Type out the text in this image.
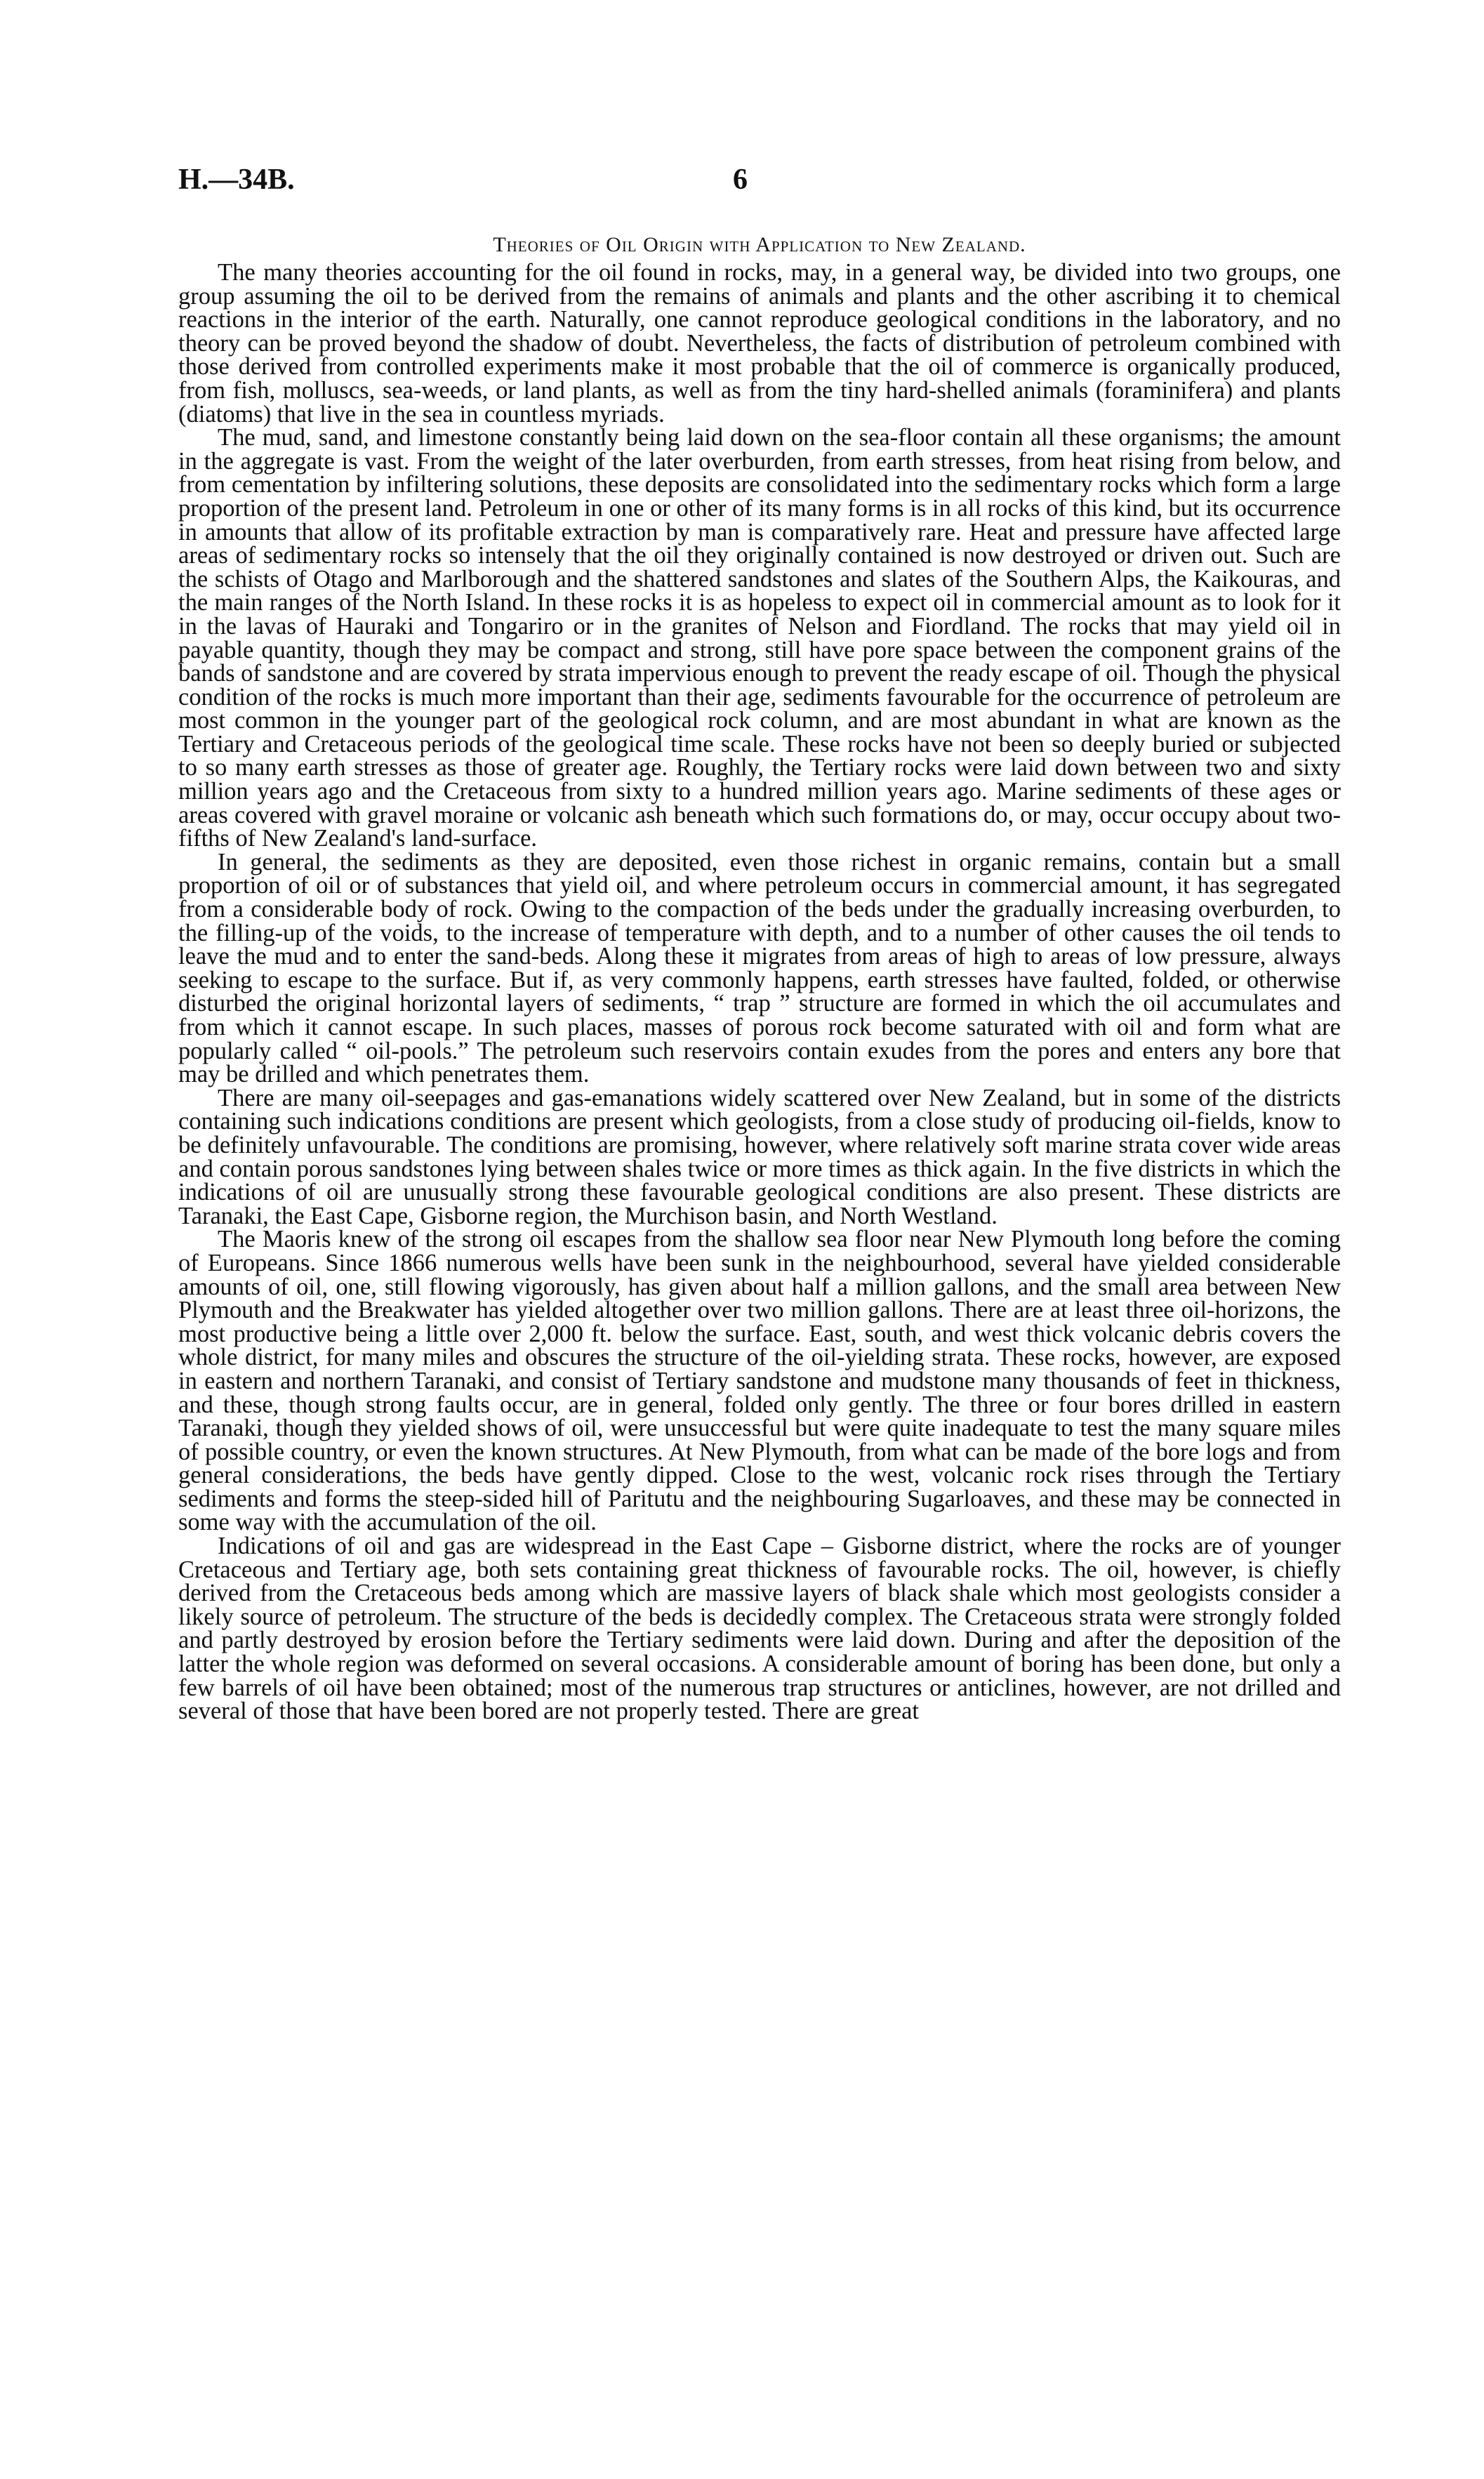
H.—34B.	6
Theories of Oil Origin with Application to New Zealand.

The many theories accounting for the oil found in rocks, may, in a general way, be divided into two groups, one group assuming the oil to be derived from the remains of animals and plants and the other ascribing it to chemical reactions in the interior of the earth. Naturally, one cannot reproduce geological conditions in the laboratory, and no theory can be proved beyond the shadow of doubt. Nevertheless, the facts of distribution of petroleum combined with those derived from controlled experiments make it most probable that the oil of commerce is organically produced, from fish, molluscs, sea-weeds, or land plants, as well as from the tiny hard-shelled animals (foraminifera) and plants (diatoms) that live in the sea in countless myriads.

The mud, sand, and limestone constantly being laid down on the sea-floor contain all these organisms; the amount in the aggregate is vast. From the weight of the later overburden, from earth stresses, from heat rising from below, and from cementation by infiltering solutions, these deposits are consolidated into the sedimentary rocks which form a large proportion of the present land. Petroleum in one or other of its many forms is in all rocks of this kind, but its occurrence in amounts that allow of its profitable extraction by man is comparatively rare. Heat and pressure have affected large areas of sedimentary rocks so intensely that the oil they originally contained is now destroyed or driven out. Such are the schists of Otago and Marlborough and the shattered sandstones and slates of the Southern Alps, the Kaikouras, and the main ranges of the North Island. In these rocks it is as hopeless to expect oil in commercial amount as to look for it in the lavas of Hauraki and Tongariro or in the granites of Nelson and Fiordland. The rocks that may yield oil in payable quantity, though they may be compact and strong, still have pore space between the component grains of the bands of sandstone and are covered by strata impervious enough to prevent the ready escape of oil. Though the physical condition of the rocks is much more important than their age, sediments favourable for the occurrence of petroleum are most common in the younger part of the geological rock column, and are most abundant in what are known as the Tertiary and Cretaceous periods of the geological time scale. These rocks have not been so deeply buried or subjected to so many earth stresses as those of greater age. Roughly, the Tertiary rocks were laid down between two and sixty million years ago and the Cretaceous from sixty to a hundred million years ago. Marine sediments of these ages or areas covered with gravel moraine or volcanic ash beneath which such formations do, or may, occur occupy about two-fifths of New Zealand's land-surface.

In general, the sediments as they are deposited, even those richest in organic remains, contain but a small proportion of oil or of substances that yield oil, and where petroleum occurs in commercial amount, it has segregated from a considerable body of rock. Owing to the compaction of the beds under the gradually increasing overburden, to the filling-up of the voids, to the increase of temperature with depth, and to a number of other causes the oil tends to leave the mud and to enter the sand-beds. Along these it migrates from areas of high to areas of low pressure, always seeking to escape to the surface. But if, as very commonly happens, earth stresses have faulted, folded, or otherwise disturbed the original horizontal layers of sediments, “ trap ” structure are formed in which the oil accumulates and from which it cannot escape. In such places, masses of porous rock become saturated with oil and form what are popularly called “ oil-pools.” The petroleum such reservoirs contain exudes from the pores and enters any bore that may be drilled and which penetrates them.

There are many oil-seepages and gas-emanations widely scattered over New Zealand, but in some of the districts containing such indications conditions are present which geologists, from a close study of producing oil-fields, know to be definitely unfavourable. The conditions are promising, however, where relatively soft marine strata cover wide areas and contain porous sandstones lying between shales twice or more times as thick again. In the five districts in which the indications of oil are unusually strong these favourable geological conditions are also present. These districts are Taranaki, the East Cape, Gisborne region, the Murchison basin, and North Westland.

The Maoris knew of the strong oil escapes from the shallow sea floor near New Plymouth long before the coming of Europeans. Since 1866 numerous wells have been sunk in the neighbourhood, several have yielded considerable amounts of oil, one, still flowing vigorously, has given about half a million gallons, and the small area between New Plymouth and the Breakwater has yielded altogether over two million gallons. There are at least three oil-horizons, the most productive being a little over 2,000 ft. below the surface. East, south, and west thick volcanic debris covers the whole district, for many miles and obscures the structure of the oil-yielding strata. These rocks, however, are exposed in eastern and northern Taranaki, and consist of Tertiary sandstone and mudstone many thousands of feet in thickness, and these, though strong faults occur, are in general, folded only gently. The three or four bores drilled in eastern Taranaki, though they yielded shows of oil, were unsuccessful but were quite inadequate to test the many square miles of possible country, or even the known structures. At New Plymouth, from what can be made of the bore logs and from general considerations, the beds have gently dipped. Close to the west, volcanic rock rises through the Tertiary sediments and forms the steep-sided hill of Paritutu and the neighbouring Sugarloaves, and these may be connected in some way with the accumulation of the oil.

Indications of oil and gas are widespread in the East Cape – Gisborne district, where the rocks are of younger Cretaceous and Tertiary age, both sets containing great thickness of favourable rocks. The oil, however, is chiefly derived from the Cretaceous beds among which are massive layers of black shale which most geologists consider a likely source of petroleum. The structure of the beds is decidedly complex. The Cretaceous strata were strongly folded and partly destroyed by erosion before the Tertiary sediments were laid down. During and after the deposition of the latter the whole region was deformed on several occasions. A considerable amount of boring has been done, but only a few barrels of oil have been obtained; most of the numerous trap structures or anticlines, however, are not drilled and several of those that have been bored are not properly tested. There are great
